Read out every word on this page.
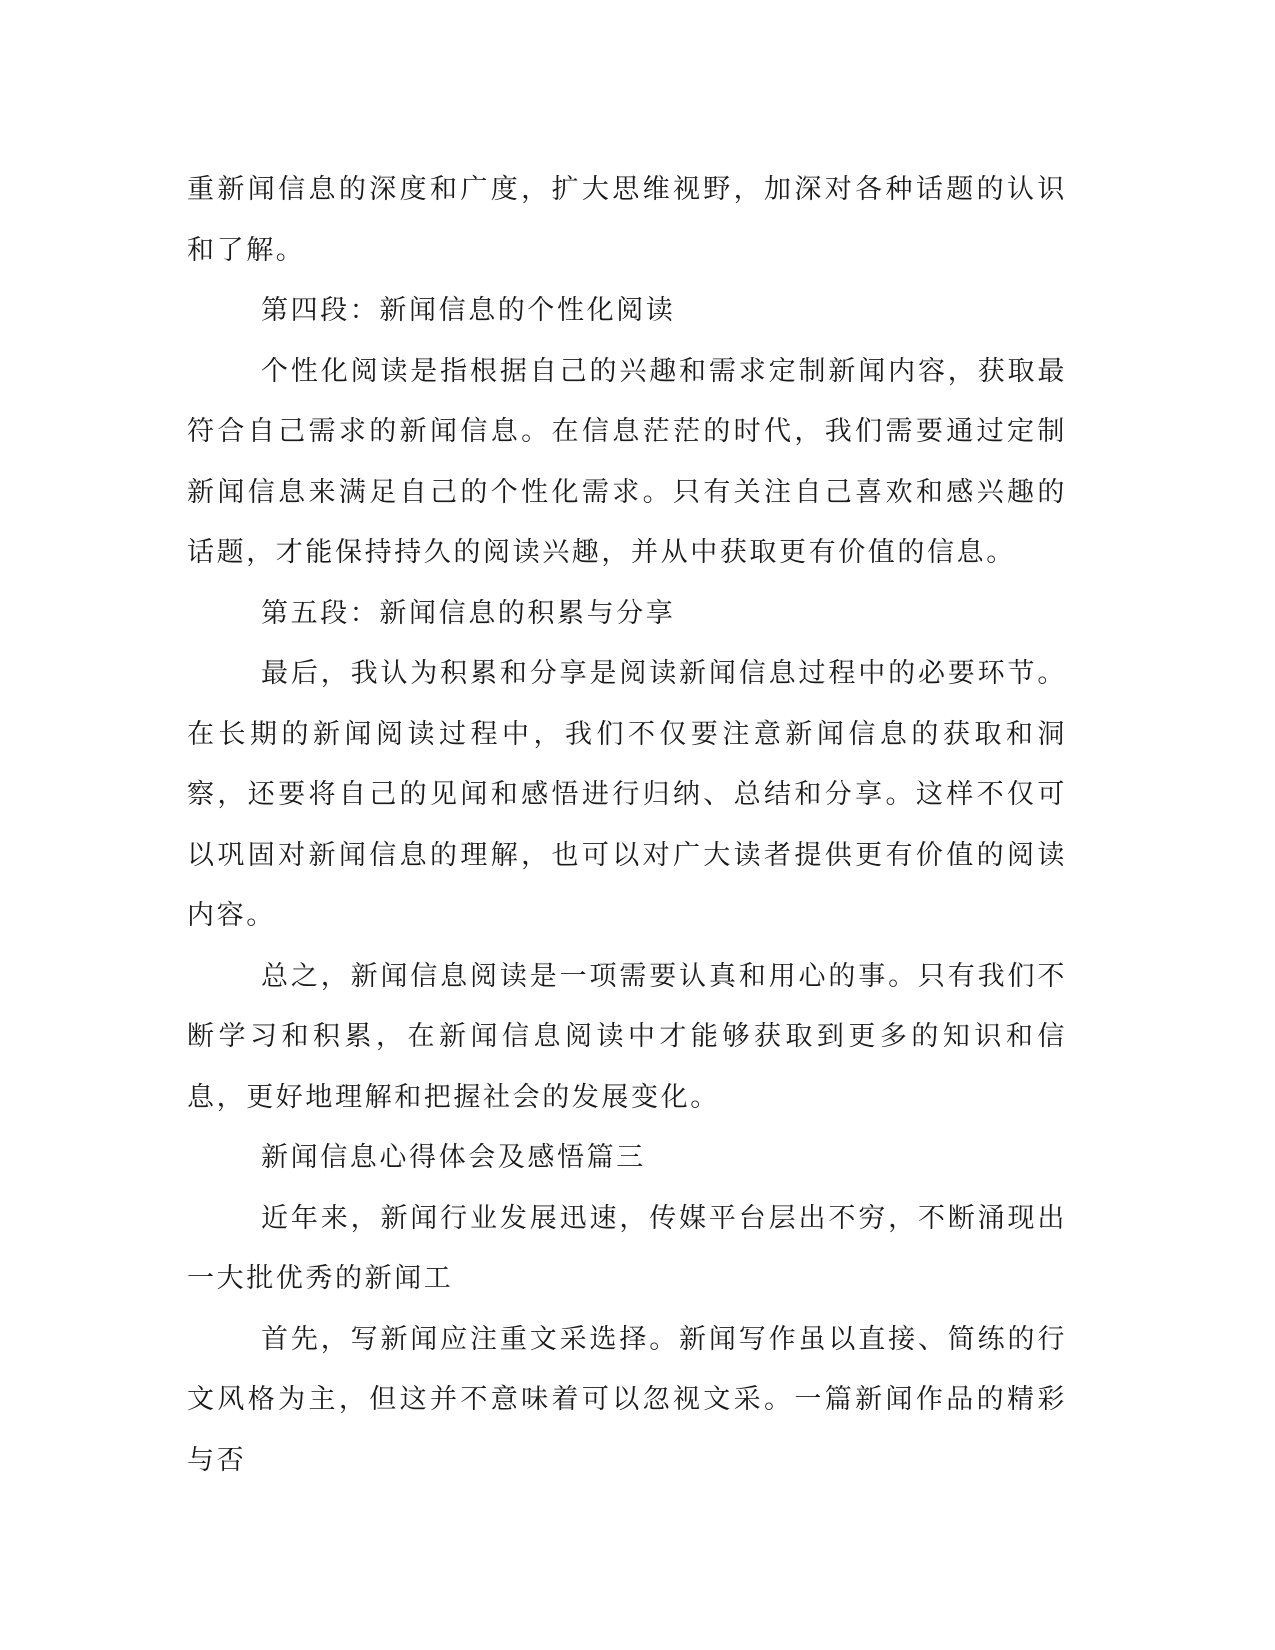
重新闻信息的深度和广度，扩大思维视野，加深对各种话题的认识和了解。

第四段：新闻信息的个性化阅读

个性化阅读是指根据自己的兴趣和需求定制新闻内容，获取最符合自己需求的新闻信息。在信息茫茫的时代，我们需要通过定制新闻信息来满足自己的个性化需求。只有关注自己喜欢和感兴趣的话题，才能保持持久的阅读兴趣，并从中获取更有价值的信息。

第五段：新闻信息的积累与分享

最后，我认为积累和分享是阅读新闻信息过程中的必要环节。在长期的新闻阅读过程中，我们不仅要注意新闻信息的获取和洞察，还要将自己的见闻和感悟进行归纳、总结和分享。这样不仅可以巩固对新闻信息的理解，也可以对广大读者提供更有价值的阅读内容。

总之，新闻信息阅读是一项需要认真和用心的事。只有我们不断学习和积累，在新闻信息阅读中才能够获取到更多的知识和信息，更好地理解和把握社会的发展变化。

新闻信息心得体会及感悟篇三

近年来，新闻行业发展迅速，传媒平台层出不穷，不断涌现出一大批优秀的新闻工

首先，写新闻应注重文采选择。新闻写作虽以直接、简练的行文风格为主，但这并不意味着可以忽视文采。一篇新闻作品的精彩与否
